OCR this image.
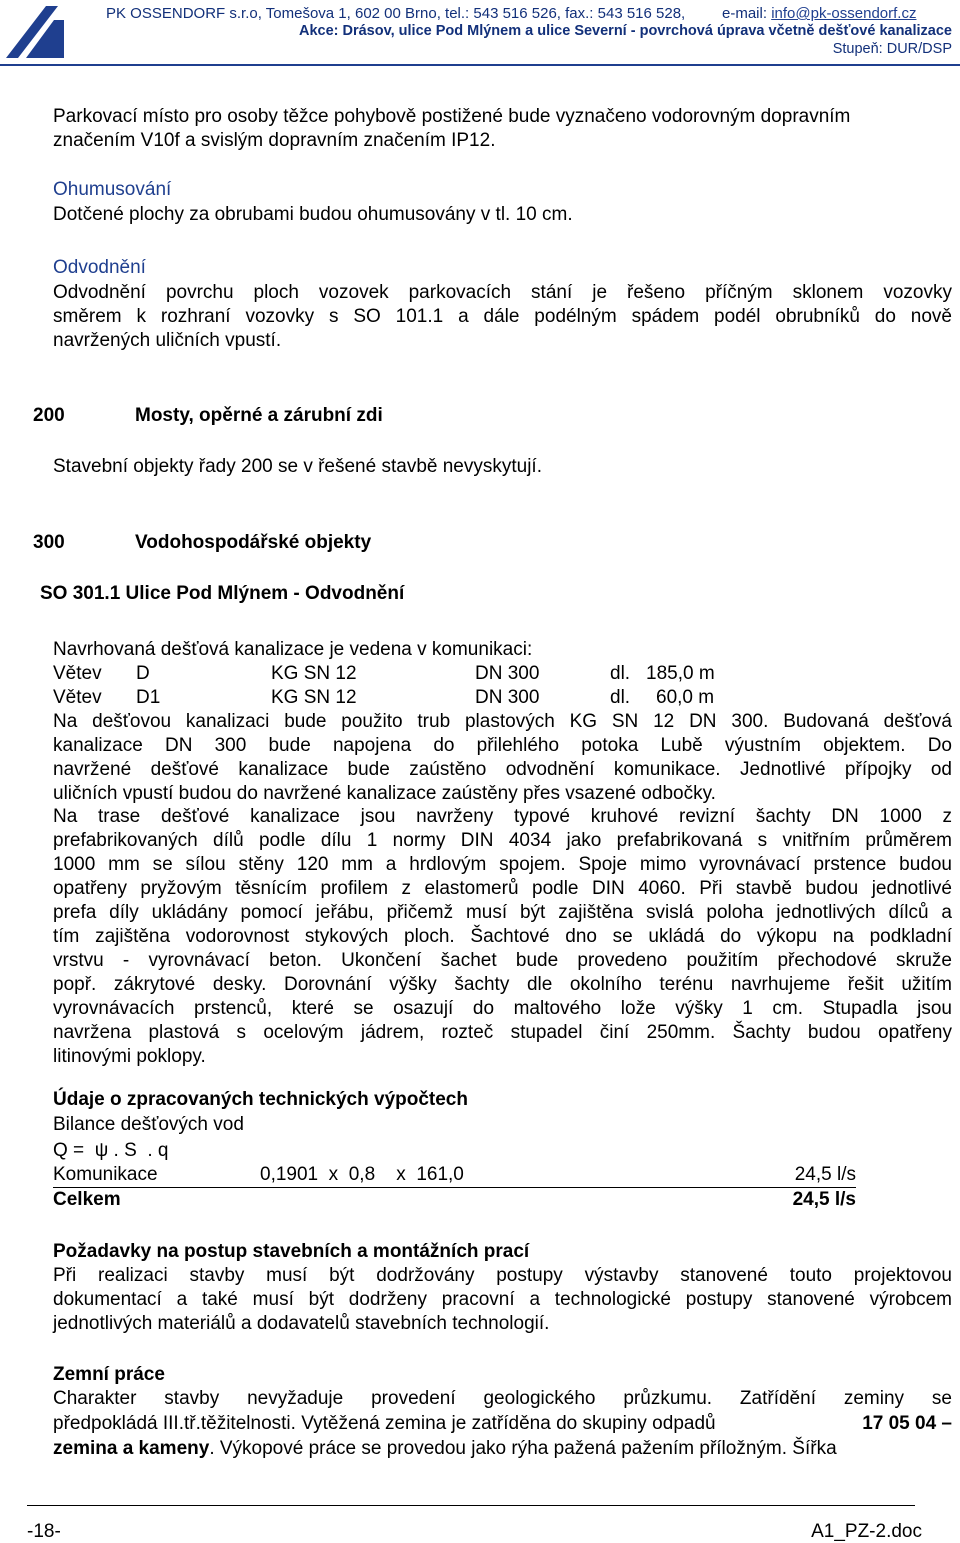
PK OSSENDORF s.r.o, Tomešova 1, 602 00 Brno, tel.: 543 516 526, fax.: 543 516 528, e-mail: info@pk-ossendorf.cz
Akce: Drásov, ulice Pod Mlýnem a ulice Severní - povrchová úprava včetně dešťové kanalizace
Stupeň: DUR/DSP
Parkovací místo pro osoby těžce pohybově postižené bude vyznačeno vodorovným dopravním
značením V10f a svislým dopravním značením IP12.
Ohumusování
Dotčené plochy za obrubami budou ohumusovány v tl. 10 cm.
Odvodnění
Odvodnění povrchu ploch vozovek parkovacích stání je řešeno příčným sklonem vozovky
směrem k rozhraní vozovky s SO 101.1 a dále podélným spádem podél obrubníků do nově
navržených uličních vpustí.
200	Mosty, opěrné a zárubní zdi
Stavební objekty řady 200 se v řešené stavbě nevyskytují.
300	Vodohospodářské objekty
SO 301.1 Ulice Pod Mlýnem - Odvodnění
Navrhovaná dešťová kanalizace je vedena v komunikaci:
Větev D	KG SN 12	DN 300	dl. 185,0 m
Větev D1	KG SN 12	DN 300	dl. 60,0 m
Na dešťovou kanalizaci bude použito trub plastových KG SN 12 DN 300. Budovaná dešťová
kanalizace DN 300 bude napojena do přilehlého potoka Lubě výustním objektem. Do
navržené dešťové kanalizace bude zaústěno odvodnění komunikace. Jednotlivé přípojky od
uličních vpustí budou do navržené kanalizace zaústěny přes vsazené odbočky.
Na trase dešťové kanalizace jsou navrženy typové kruhové revizní šachty DN 1000 z
prefabrikovaných dílů podle dílu 1 normy DIN 4034 jako prefabrikovaná s vnitřním průměrem
1000 mm se sílou stěny 120 mm a hrdlovým spojem. Spoje mimo vyrovnávací prstence budou
opatřeny pryžovým těsnícím profilem z elastomerů podle DIN 4060. Při stavbě budou jednotlivé
prefa díly ukládány pomocí jeřábu, přičemž musí být zajištěna svislá poloha jednotlivých dílců a
tím zajištěna vodorovnost stykových ploch. Šachtové dno se ukládá do výkopu na podkladní
vrstvu - vyrovnávací beton. Ukončení šachet bude provedeno použitím přechodové skruže
popř. zákrytové desky. Dorovnání výšky šachty dle okolního terénu navrhujeme řešit užitím
vyrovnávacích prstenců, které se osazují do maltového lože výšky 1 cm. Stupadla jsou
navržena plastová s ocelovým jádrem, rozteč stupadel činí 250mm. Šachty budou opatřeny
litinovými poklopy.
Údaje o zpracovaných technických výpočtech
Bilance dešťových vod
Q =  ψ . S  . q
Komunikace	0,1901  x  0,8    x  161,0	24,5 l/s
Celkem	24,5 l/s
Požadavky na postup stavebních a montážních prací
Při realizaci stavby musí být dodržovány postupy výstavby stanovené touto projektovou
dokumentací a také musí být dodrženy pracovní a technologické postupy stanovené výrobcem
jednotlivých materiálů a dodavatelů stavebních technologií.
Zemní práce
Charakter stavby nevyžaduje provedení geologického průzkumu. Zatřídění zeminy se
předpokládá III.tř.těžitelnosti. Vytěžená zemina je zatříděna do skupiny odpadů	17 05 04 –
zemina a kameny. Výkopové práce se provedou jako rýha pažená pažením příložným. Šířka
-18-	A1_PZ-2.doc
